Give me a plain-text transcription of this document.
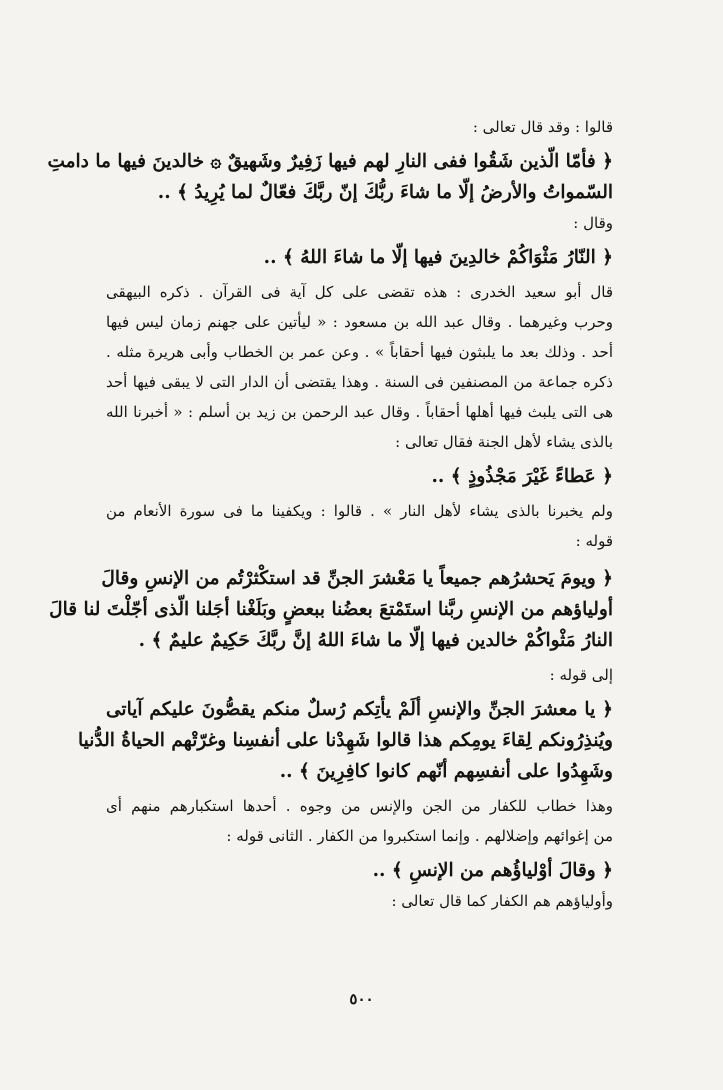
قالوا : وقد قال تعالى :
﴿ فأمّا الّذين شَقُوا ففى النارِ لهم فيها زَفِيرٌ وشَهيقٌ ۞ خالدينَ فيها ما دامتِ
السّمواتُ والأرضُ إلّا ما شاءَ ربُّكَ إنّ ربَّكَ فعّالٌ لما يُرِيدُ ﴾ ..
وقال :
﴿ النّارُ مَثْوَاكُمْ خالدِينَ فيها إلّا ما شاءَ اللهُ ﴾ ..
قال أبو سعيد الخدرى : هذه تقضى على كل آية فى القرآن . ذكره البيهقى
وحرب وغيرهما . وقال عبد الله بن مسعود : « ليأتين على جهنم زمان ليس فيها
أحد . وذلك بعد ما يلبثون فيها أحقاباً » . وعن عمر بن الخطاب وأبى هريرة مثله .
ذكره جماعة من المصنفين فى السنة . وهذا يقتضى أن الدار التى لا يبقى فيها أحد
هى التى يلبث فيها أهلها أحقاباً . وقال عبد الرحمن بن زيد بن أسلم : « أخبرنا الله
بالذى يشاء لأهل الجنة فقال تعالى :
﴿ عَطاءً غَيْرَ مَجْذُوذٍ ﴾ ..
ولم يخبرنا بالذى يشاء لأهل النار » . قالوا : ويكفينا ما فى سورة الأنعام من
قوله :
﴿ ويومَ يَحشرُهم جميعاً يا مَعْشرَ الجنِّ قد استكْثرْتُم من الإنسِ وقالَ
أولياؤهم من الإنسِ ربَّنا استَمْتعَ بعضُنا ببعضٍ وبَلَغْنا أجَلنا الّذى أجّلْتَ لنا قالَ
النارُ مَثْواكُمْ خالدين فيها إلّا ما شاءَ اللهُ إنَّ ربَّكَ حَكِيمٌ عليمٌ ﴾ .
إلى قوله :
﴿ يا معشرَ الجنِّ والإنسِ ألَمْ يأتِكم رُسلٌ منكم يقصُّونَ عليكم آياتى
ويُنذِرُونكم لِقاءَ يومِكم هذا قالوا شَهِدْنا على أنفسِنا وغرّتْهم الحياةُ الدُّنيا
وشَهِدُوا على أنفسِهم أنّهم كانوا كافِرِينَ ﴾ ..
وهذا خطاب للكفار من الجن والإنس من وجوه . أحدها استكبارهم منهم أى
من إغوائهم وإضلالهم . وإنما استكبروا من الكفار . الثانى قوله :
﴿ وقالَ أوْلياؤُهم من الإنسِ ﴾ ..
وأولياؤهم هم الكفار كما قال تعالى :
٥٠٠
